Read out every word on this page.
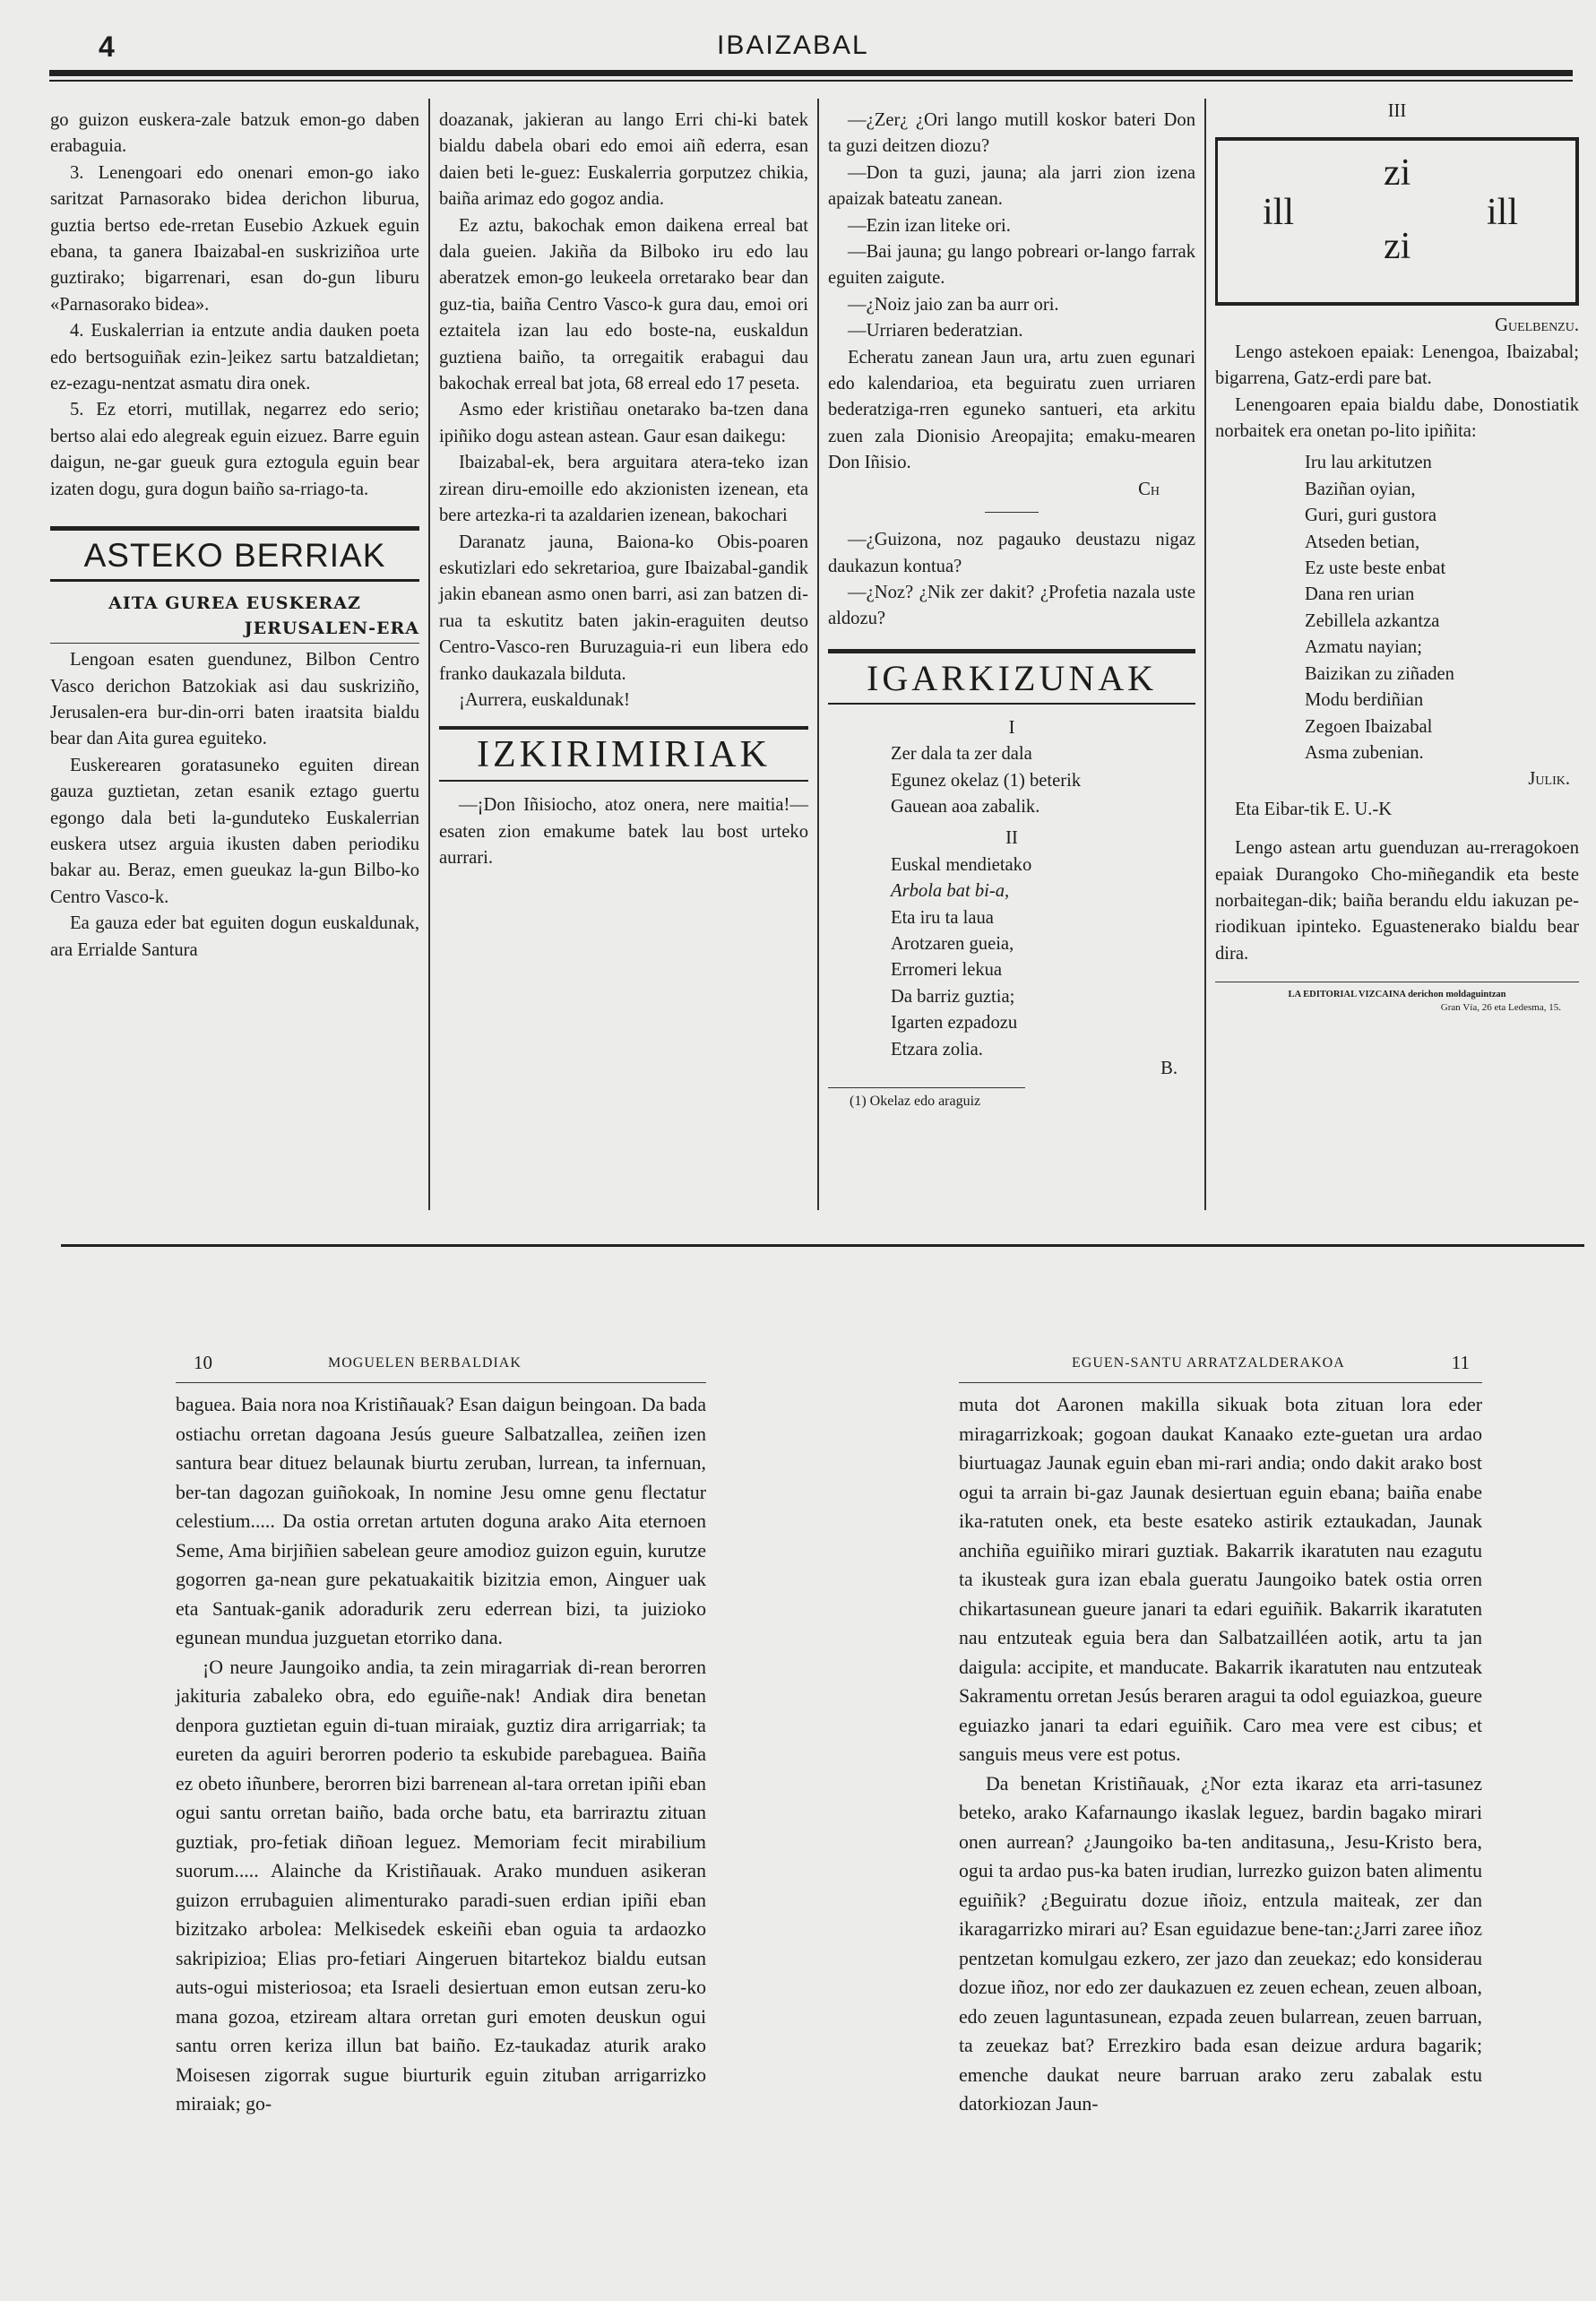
4	IBAIZABAL

go guizon euskera-zale batzuk emon-go daben erabaguia.

3. Lenengoari edo onenari emon-go iako saritzat Parnasorako bidea derichon liburua, guztia bertso ede-rretan Eusebio Azkuek eguin ebana, ta ganera Ibaizabal-en suskriziñoa urte guztirako; bigarrenari, esan do-gun liburu «Parnasorako bidea».

4. Euskalerrian ia entzute andia dauken poeta edo bertsoguiñak ezin-]eikez sartu batzaldietan; ez-ezagu-nentzat asmatu dira onek.

5. Ez etorri, mutillak, negarrez edo serio; bertso alai edo alegreak eguin eizuez. Barre eguin daigun, ne-gar gueuk gura eztogula eguin bear izaten dogu, gura dogun baiño sa-rriago-ta.

ASTEKO BERRIAK
AITA GUREA EUSKERAZ
JERUSALEN-ERA

Lengoan esaten guendunez, Bilbon Centro Vasco derichon Batzokiak asi dau suskriziño, Jerusalen-era bur-din-orri baten iraatsita bialdu bear dan Aita gurea eguiteko.

Euskerearen goratasuneko eguiten direan gauza guztietan, zetan esanik eztago guertu egongo dala beti la-gunduteko Euskalerrian euskera utsez arguia ikusten daben periodiku bakar au. Beraz, emen gueukaz la-gun Bilbo-ko Centro Vasco-k.

Ea gauza eder bat eguiten dogun euskaldunak, ara Errialde Santura

doazanak, jakieran au lango Erri chi-ki batek bialdu dabela obari edo emoi aiñ ederra, esan daien beti le-guez: Euskalerria gorputzez chikia, baiña arimaz edo gogoz andia.

Ez aztu, bakochak emon daikena erreal bat dala gueien. Jakiña da Bilboko iru edo lau aberatzek emon-go leukeela orretarako bear dan guz-tia, baiña Centro Vasco-k gura dau, emoi ori eztaitela izan lau edo boste-na, euskaldun guztiena baiño, ta orregaitik erabagui dau bakochak erreal bat jota, 68 erreal edo 17 peseta.

Asmo eder kristiñau onetarako ba-tzen dana ipiñiko dogu astean astean. Gaur esan daikegu:

Ibaizabal-ek, bera arguitara atera-teko izan zirean diru-emoille edo akzionisten izenean, eta bere artezka-ri ta azaldarien izenean, bakochari

Daranatz jauna, Baiona-ko Obis-poaren eskutizlari edo sekretarioa, gure Ibaizabal-gandik jakin ebanean asmo onen barri, asi zan batzen di-rua ta eskutitz baten jakin-eraguiten deutso Centro-Vasco-ren Buruzaguia-ri eun libera edo franko daukazala bilduta.

¡Aurrera, euskaldunak!

IZKIRIMIRIAK

—¡Don Iñisiocho, atoz onera, nere maitia!—esaten zion emakume batek lau bost urteko aurrari.

—¿Zer¿ ¿Ori lango mutill koskor bateri Don ta guzi deitzen diozu?

—Don ta guzi, jauna; ala jarri zion izena apaizak bateatu zanean.

—Ezin izan liteke ori.

—Bai jauna; gu lango pobreari or-lango farrak eguiten zaigute.

—¿Noiz jaio zan ba aurr ori.

—Urriaren bederatzian.

Echeratu zanean Jaun ura, artu zuen egunari edo kalendarioa, eta beguiratu zuen urriaren bederatziga-rren eguneko santueri, eta arkitu zuen zala Dionisio Areopajita; emaku-mearen Don Iñisio.

Ch

—¿Guizona, noz pagauko deustazu nigaz daukazun kontua?

—¿Noz? ¿Nik zer dakit? ¿Profetia nazala uste aldozu?

IGARKIZUNAK

I

Zer dala ta zer dala
Egunez okelaz (1) beterik
Gauean aoa zabalik.

II

Euskal mendietako
Arbola bat bi-a,
Eta iru ta laua
Arotzaren gueia,
Erromeri lekua
Da barriz guztia;
Igarten ezpadozu
Etzara zolia.

B.

(1) Okelaz edo araguiz

III

ill
zi
zi
ill

Guelbenzu.

Lengo astekoen epaiak: Lenengoa, Ibaizabal; bigarrena, Gatz-erdi pare bat.

Lenengoaren epaia bialdu dabe, Donostiatik norbaitek era onetan po-lito ipiñita:

Iru lau arkitutzen
Baziñan oyian,
Guri, guri gustora
Atseden betian,
Ez uste beste enbat
Dana ren urian
Zebillela azkantza
Azmatu nayian;
Baizikan zu ziñaden
Modu berdiñian
Zegoen Ibaizabal
Asma zubenian.

Julik.

Eta Eibar-tik E. U.-K

Lengo astean artu guenduzan au-rreragokoen epaiak Durangoko Cho-miñegandik eta beste norbaitegan-dik; baiña berandu eldu iakuzan pe-riodikuan ipinteko. Eguastenerako bialdu bear dira.

LA EDITORIAL VIZCAINA derichon moldaguintzan
Gran Vía, 26 eta Ledesma, 15.
10	MOGUELEN BERBALDIAK

baguea. Baia nora noa Kristiñauak? Esan daigun beingoan. Da bada ostiachu orretan dagoana Jesús gueure Salbatzallea, zeiñen izen santura bear dituez belaunak biurtu zeruban, lurrean, ta infernuan, ber-tan dagozan guiñokoak, In nomine Jesu omne genu flectatur celestium..... Da ostia orretan artuten doguna arako Aita eternoen Seme, Ama birjiñien sabelean geure amodioz guizon eguin, kurutze gogorren ga-nean gure pekatuakaitik bizitzia emon, Ainguer uak eta Santuak-ganik adoradurik zeru ederrean bizi, ta juizioko egunean mundua juzguetan etorriko dana.

¡O neure Jaungoiko andia, ta zein miragarriak di-rean berorren jakituria zabaleko obra, edo eguiñe-nak! Andiak dira benetan denpora guztietan eguin di-tuan miraiak, guztiz dira arrigarriak; ta eureten da aguiri berorren poderio ta eskubide parebaguea. Baiña ez obeto iñunbere, berorren bizi barrenean al-tara orretan ipiñi eban ogui santu orretan baiño, bada orche batu, eta barriraztu zituan guztiak, pro-fetiak diñoan leguez. Memoriam fecit mirabilium suorum..... Alainche da Kristiñauak. Arako munduen asikeran guizon errubaguien alimenturako paradi-suen erdian ipiñi eban bizitzako arbolea: Melkisedek eskeiñi eban oguia ta ardaozko sakripizioa; Elias pro-fetiari Aingeruen bitartekoz bialdu eutsan auts-ogui misteriosoa; eta Israeli desiertuan emon eutsan zeru-ko mana gozoa, etziream altara orretan guri emoten deuskun ogui santu orren keriza illun bat baiño. Ez-taukadaz aturik arako Moisesen zigorrak sugue biurturik eguin zituban arrigarrizko miraiak; go-

EGUEN-SANTU ARRATZALDERAKOA	11

muta dot Aaronen makilla sikuak bota zituan lora eder miragarrizkoak; gogoan daukat Kanaako ezte-guetan ura ardao biurtuagaz Jaunak eguin eban mi-rari andia; ondo dakit arako bost ogui ta arrain bi-gaz Jaunak desiertuan eguin ebana; baiña enabe ika-ratuten onek, eta beste esateko astirik eztaukadan, Jaunak anchiña eguiñiko mirari guztiak. Bakarrik ikaratuten nau ezagutu ta ikusteak gura izan ebala gueratu Jaungoiko batek ostia orren chikartasunean gueure janari ta edari eguiñik. Bakarrik ikaratuten nau entzuteak eguia bera dan Salbatzailléen aotik, artu ta jan daigula: accipite, et manducate. Bakarrik ikaratuten nau entzuteak Sakramentu orretan Jesús beraren aragui ta odol eguiazkoa, gueure eguiazko janari ta edari eguiñik. Caro mea vere est cibus; et sanguis meus vere est potus.

Da benetan Kristiñauak, ¿Nor ezta ikaraz eta arri-tasunez beteko, arako Kafarnaungo ikaslak leguez, bardin bagako mirari onen aurrean? ¿Jaungoiko ba-ten anditasuna,, Jesu-Kristo bera, ogui ta ardao pus-ka baten irudian, lurrezko guizon baten alimentu eguiñik? ¿Beguiratu dozue iñoiz, entzula maiteak, zer dan ikaragarrizko mirari au? Esan eguidazue bene-tan:¿Jarri zaree iñoz pentzetan komulgau ezkero, zer jazo dan zeuekaz; edo konsiderau dozue iñoz, nor edo zer daukazuen ez zeuen echean, zeuen alboan, edo zeuen laguntasunean, ezpada zeuen bularrean, zeuen barruan, ta zeuekaz bat? Errezkiro bada esan deizue ardura bagarik; emenche daukat neure barruan arako zeru zabalak estu datorkiozan Jaun-
